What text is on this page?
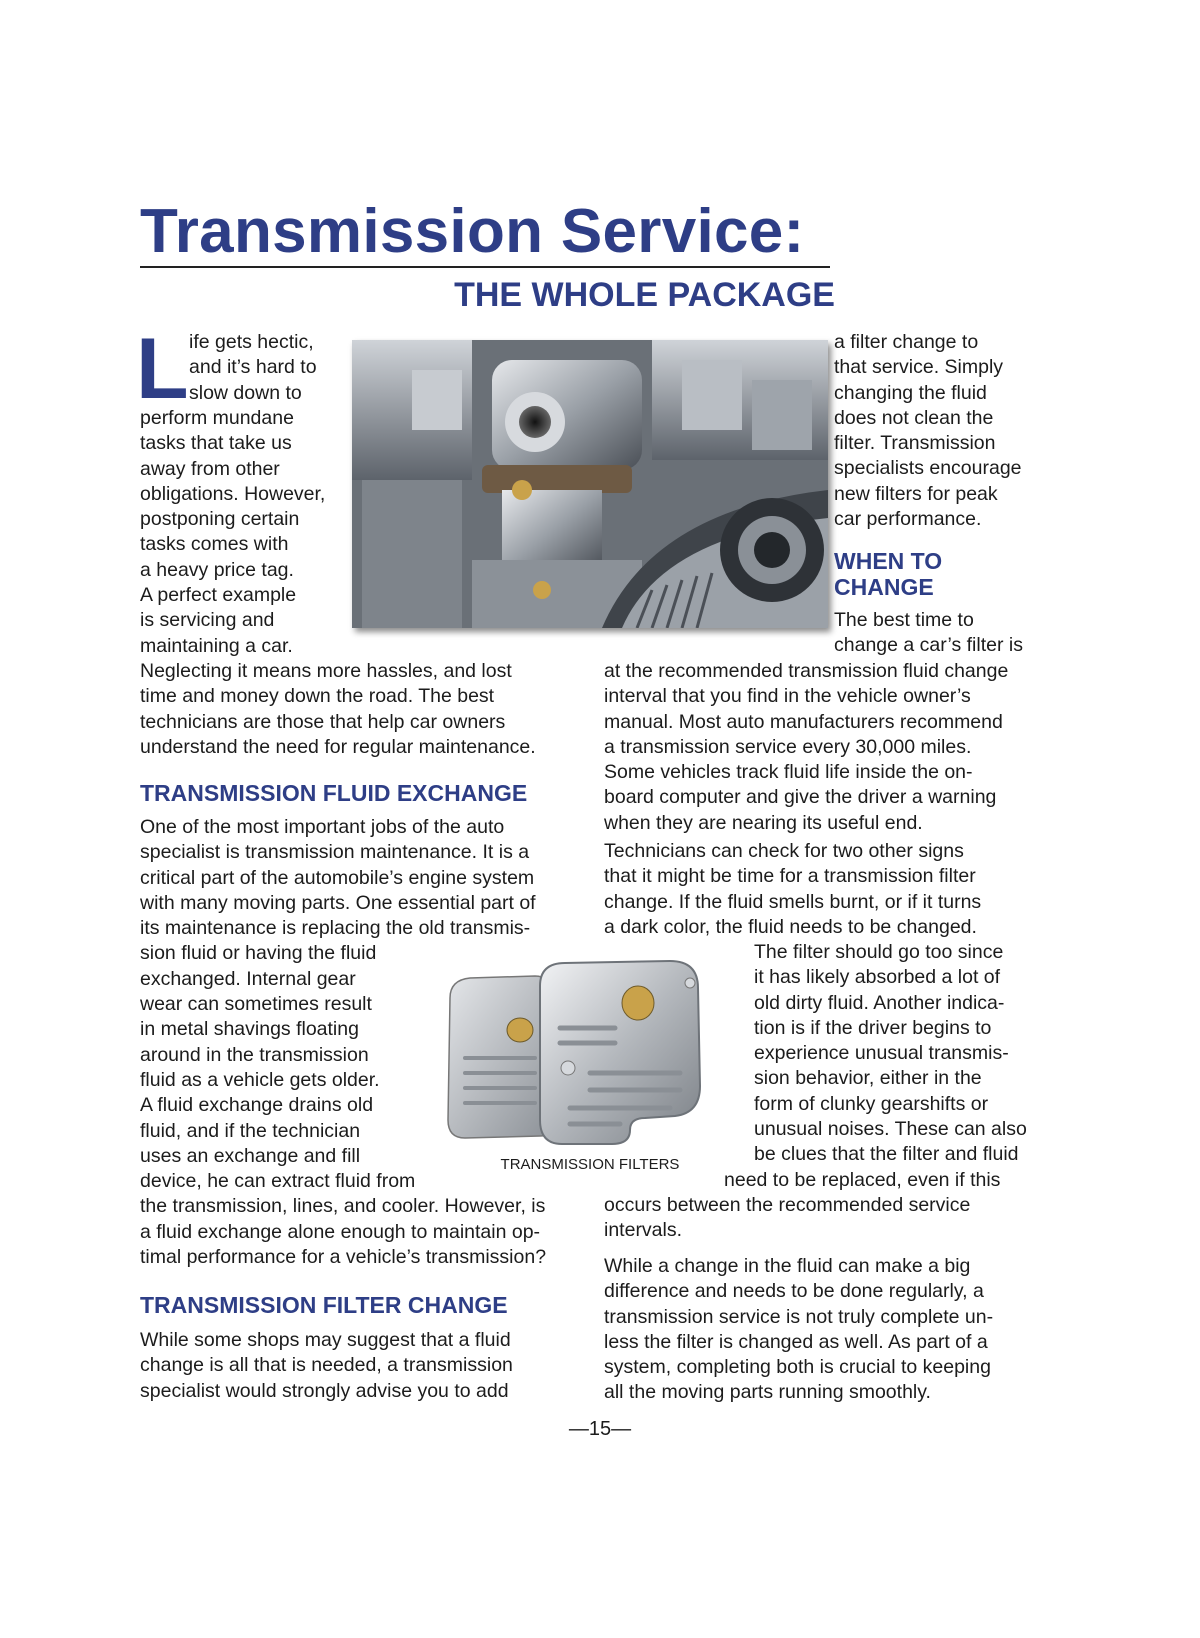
Transmission Service:
THE WHOLE PACKAGE
L ife gets hectic,
and it’s hard to
slow down to
perform mundane
tasks that take us
away from other
obligations. However,
postponing certain
tasks comes with
a heavy price tag.
A perfect example
is servicing and
maintaining a car.
Neglecting it means more hassles, and lost
time and money down the road. The best
technicians are those that help car owners
understand the need for regular maintenance.
a filter change to
that service. Simply
changing the fluid
does not clean the
filter. Transmission
specialists encourage
new filters for peak
car performance.
WHEN TO
CHANGE
The best time to
change a car’s filter is
at the recommended transmission fluid change
interval that you find in the vehicle owner’s
manual. Most auto manufacturers recommend
a transmission service every 30,000 miles.
Some vehicles track fluid life inside the on-
board computer and give the driver a warning
when they are nearing its useful end.
Technicians can check for two other signs
that it might be time for a transmission filter
change. If the fluid smells burnt, or if it turns
a dark color, the fluid needs to be changed.
The filter should go too since
it has likely absorbed a lot of
old dirty fluid. Another indica-
tion is if the driver begins to
experience unusual transmis-
sion behavior, either in the
form of clunky gearshifts or
unusual noises. These can also
be clues that the filter and fluid
need to be replaced, even if this
occurs between the recommended service
intervals.
While a change in the fluid can make a big
difference and needs to be done regularly, a
transmission service is not truly complete un-
less the filter is changed as well. As part of a
system, completing both is crucial to keeping
all the moving parts running smoothly.
TRANSMISSION FLUID EXCHANGE
One of the most important jobs of the auto
specialist is transmission maintenance. It is a
critical part of the automobile’s engine system
with many moving parts. One essential part of
its maintenance is replacing the old transmis-
sion fluid or having the fluid
exchanged. Internal gear
wear can sometimes result
in metal shavings floating
around in the transmission
fluid as a vehicle gets older.
A fluid exchange drains old
fluid, and if the technician
uses an exchange and fill
device, he can extract fluid from
the transmission, lines, and cooler. However, is
a fluid exchange alone enough to maintain op-
timal performance for a vehicle’s transmission?
TRANSMISSION FILTERS
TRANSMISSION FILTER CHANGE
While some shops may suggest that a fluid
change is all that is needed, a transmission
specialist would strongly advise you to add
—15—
